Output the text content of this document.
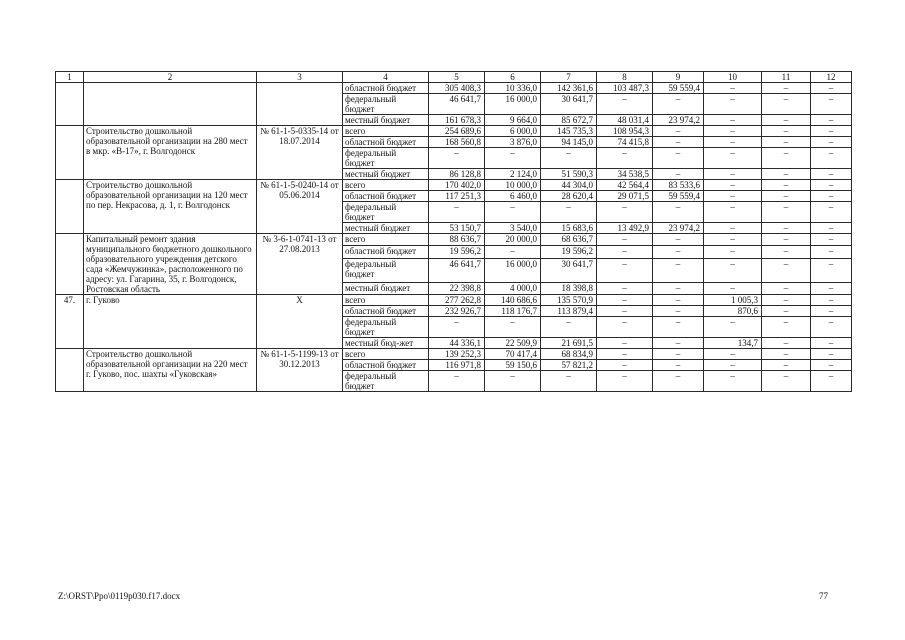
1	2	3	4	5	6	7	8	9	10	11	12
			областной бюджет	305 408,3	10 336,0	142 361,6	103 487,3	59 559,4	–	–	–
			федеральный бюджет	46 641,7	16 000,0	30 641,7	–	–	–	–	–
			местный бюджет	161 678,3	9 664,0	85 672,7	48 031,4	23 974,2	–	–	–
	Строительство дошкольной образовательной организации на 280 мест в мкр. «В-17», г. Волгодонск	№ 61-1-5-0335-14 от 18.07.2014	всего	254 689,6	6 000,0	145 735,3	108 954,3	–	–	–	–
			областной бюджет	168 560,8	3 876,0	94 145,0	74 415,8	–	–	–	–
			федеральный бюджет	–	–	–	–	–	–	–	–
			местный бюджет	86 128,8	2 124,0	51 590,3	34 538,5	–	–	–	–
	Строительство дошкольной образовательной организации на 120 мест по пер. Некрасова, д. 1, г. Волгодонск	№ 61-1-5-0240-14 от 05.06.2014	всего	170 402,0	10 000,0	44 304,0	42 564,4	83 533,6	–	–	–
			областной бюджет	117 251,3	6 460,0	28 620,4	29 071,5	59 559,4	–	–	–
			федеральный бюджет	–	–	–	–	–	–	–	–
			местный бюджет	53 150,7	3 540,0	15 683,6	13 492,9	23 974,2	–	–	–
	Капитальный ремонт здания муниципального бюджетного дошкольного образовательного учреждения детского сада «Жемчужинка», расположенного по адресу: ул. Гагарина, 35, г. Волгодонск, Ростовская область	№ 3-6-1-0741-13 от 27.08.2013	всего	88 636,7	20 000,0	68 636,7	–	–	–	–	–
			областной бюджет	19 596,2	–	19 596,2	–	–	–	–	–
			федеральный бюджет	46 641,7	16 000,0	30 641,7	–	–	–	–	–
			местный бюджет	22 398,8	4 000,0	18 398,8	–	–	–	–	–
47.	г. Гуково	Х	всего	277 262,8	140 686,6	135 570,9	–	–	1 005,3	–	–
			областной бюджет	232 926,7	118 176,7	113 879,4	–	–	870,6	–	–
			федеральный бюджет	–	–	–	–	–	–	–	–
			местный бюд-жет	44 336,1	22 509,9	21 691,5	–	–	134,7	–	–
	Строительство дошкольной образовательной организации на 220 мест г. Гуково, пос. шахты «Гуковская»	№ 61-1-5-1199-13 от 30.12.2013	всего	139 252,3	70 417,4	68 834,9	–	–	–	–	–
			областной бюджет	116 971,8	59 150,6	57 821,2	–	–	–	–	–
			федеральный бюджет	–	–	–	–	–	–	–	–
Z:\ORST\Ppo\0119p030.f17.docx	77
